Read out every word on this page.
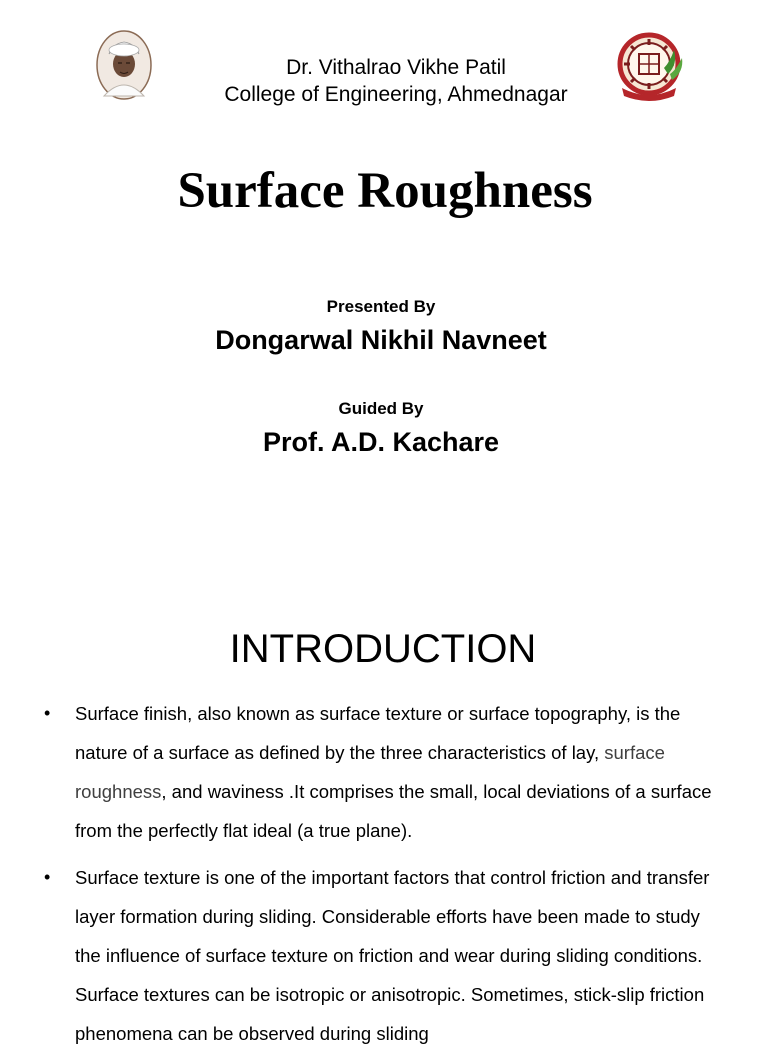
Dr. Vithalrao Vikhe Patil
College of Engineering, Ahmednagar
Surface Roughness
Presented By
Dongarwal Nikhil Navneet
Guided By
Prof. A.D. Kachare
INTRODUCTION
• Surface finish, also known as surface texture or surface topography, is the nature of a surface as defined by the three characteristics of lay, surface roughness, and waviness .It comprises the small, local deviations of a surface from the perfectly flat ideal (a true plane).
• Surface texture is one of the important factors that control friction and transfer layer formation during sliding. Considerable efforts have been made to study the influence of surface texture on friction and wear during sliding conditions. Surface textures can be isotropic or anisotropic. Sometimes, stick-slip friction phenomena can be observed during sliding
